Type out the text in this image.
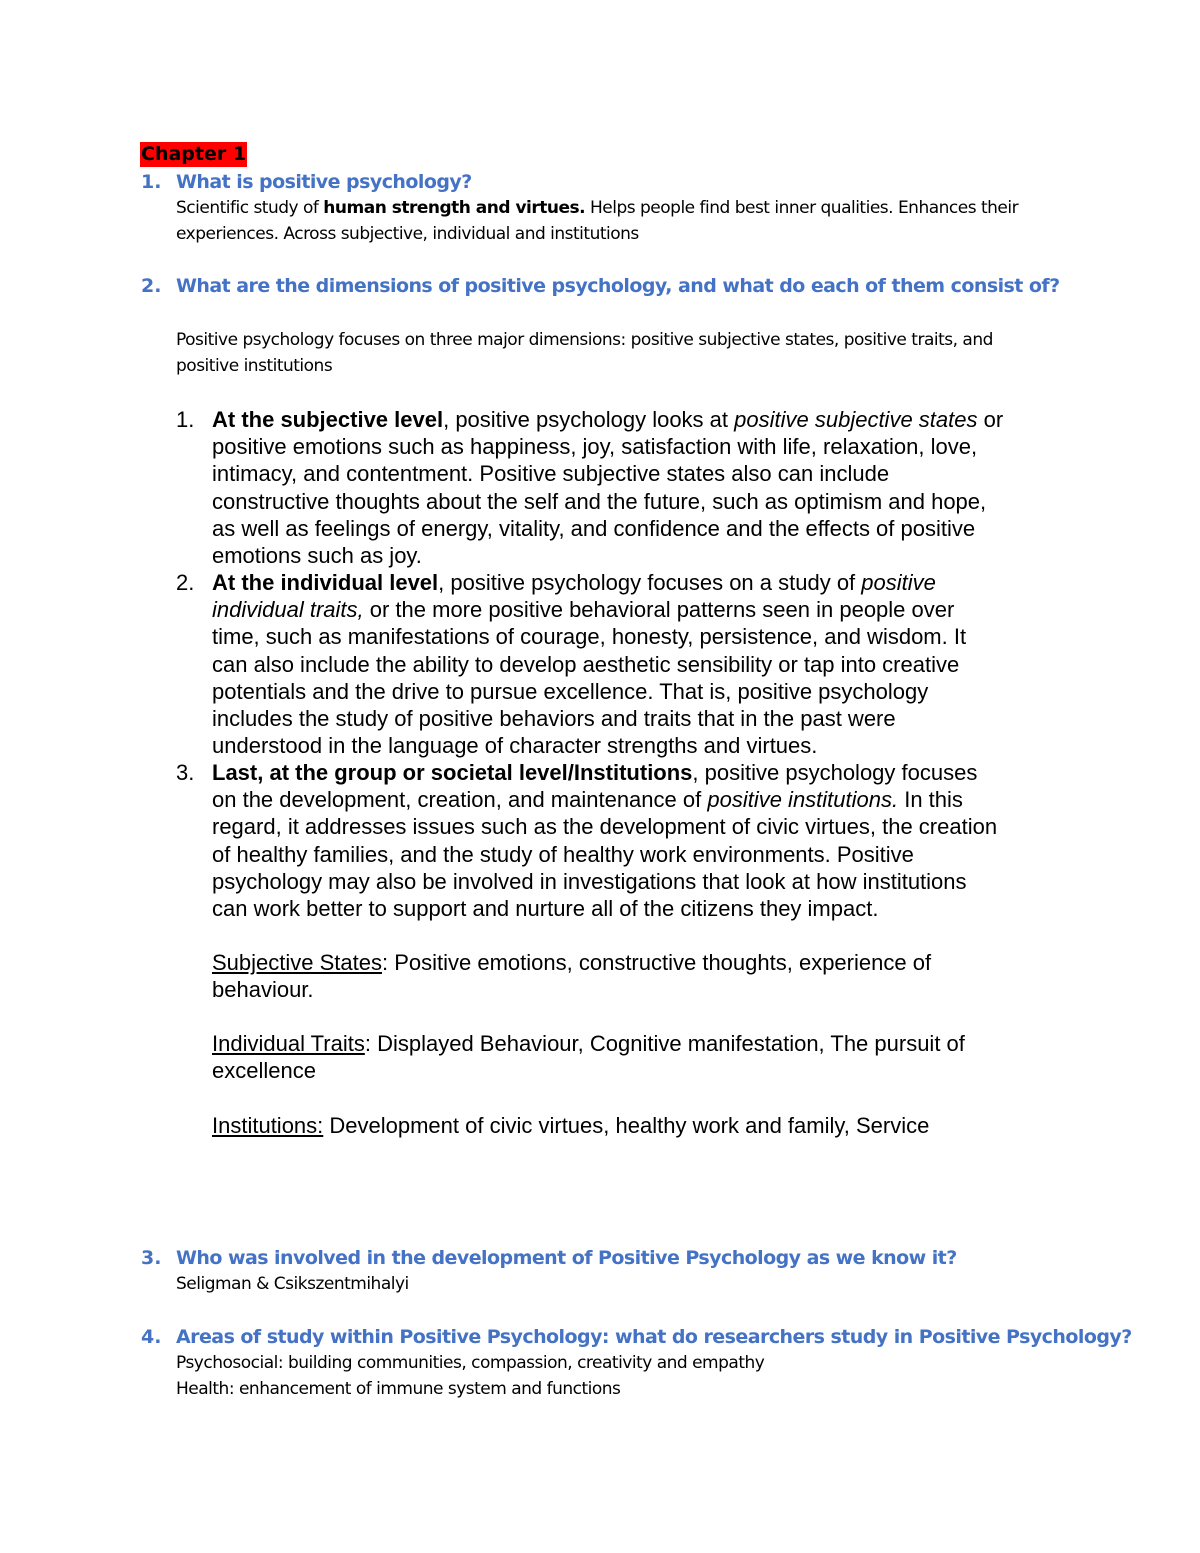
Chapter 1
1. What is positive psychology?
Scientific study of human strength and virtues. Helps people find best inner qualities. Enhances their
experiences. Across subjective, individual and institutions
2. What are the dimensions of positive psychology, and what do each of them consist of?
Positive psychology focuses on three major dimensions: positive subjective states, positive traits, and
positive institutions
1. At the subjective level, positive psychology looks at positive subjective states or
positive emotions such as happiness, joy, satisfaction with life, relaxation, love,
intimacy, and contentment. Positive subjective states also can include
constructive thoughts about the self and the future, such as optimism and hope,
as well as feelings of energy, vitality, and confidence and the effects of positive
emotions such as joy.
2. At the individual level, positive psychology focuses on a study of positive
individual traits, or the more positive behavioral patterns seen in people over
time, such as manifestations of courage, honesty, persistence, and wisdom. It
can also include the ability to develop aesthetic sensibility or tap into creative
potentials and the drive to pursue excellence. That is, positive psychology
includes the study of positive behaviors and traits that in the past were
understood in the language of character strengths and virtues.
3. Last, at the group or societal level/Institutions, positive psychology focuses
on the development, creation, and maintenance of positive institutions. In this
regard, it addresses issues such as the development of civic virtues, the creation
of healthy families, and the study of healthy work environments. Positive
psychology may also be involved in investigations that look at how institutions
can work better to support and nurture all of the citizens they impact.
Subjective States: Positive emotions, constructive thoughts, experience of
behaviour.
Individual Traits: Displayed Behaviour, Cognitive manifestation, The pursuit of
excellence
Institutions: Development of civic virtues, healthy work and family, Service
3. Who was involved in the development of Positive Psychology as we know it?
Seligman & Csikszentmihalyi
4. Areas of study within Positive Psychology: what do researchers study in Positive Psychology?
Psychosocial: building communities, compassion, creativity and empathy
Health: enhancement of immune system and functions
